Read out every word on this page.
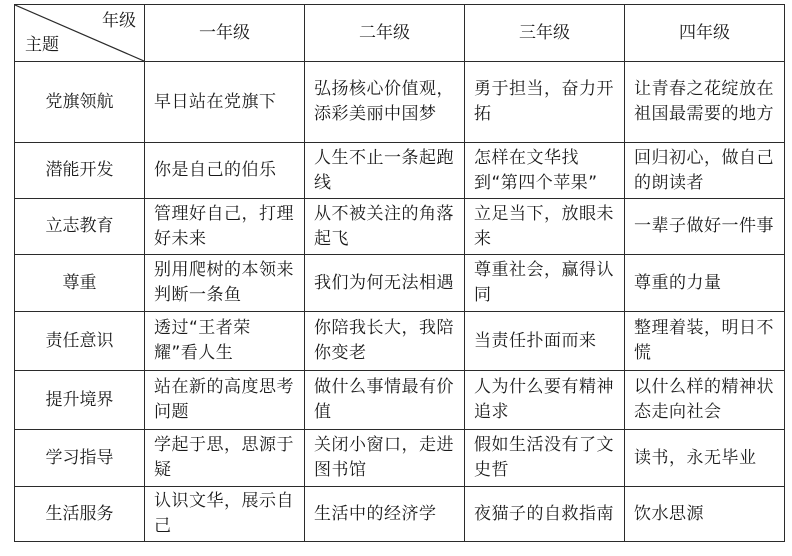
年级
主题	一年级	二年级	三年级	四年级
党旗领航	早日站在党旗下	弘扬核心价值观，添彩美丽中国梦	勇于担当，奋力开拓	让青春之花绽放在祖国最需要的地方
潜能开发	你是自己的伯乐	人生不止一条起跑线	怎样在文华找到“第四个苹果”	回归初心，做自己的朗读者
立志教育	管理好自己，打理好未来	从不被关注的角落起飞	立足当下，放眼未来	一辈子做好一件事
尊重	别用爬树的本领来判断一条鱼	我们为何无法相遇	尊重社会，赢得认同	尊重的力量
责任意识	透过“王者荣耀”看人生	你陪我长大，我陪你变老	当责任扑面而来	整理着装，明日不慌
提升境界	站在新的高度思考问题	做什么事情最有价值	人为什么要有精神追求	以什么样的精神状态走向社会
学习指导	学起于思，思源于疑	关闭小窗口，走进图书馆	假如生活没有了文史哲	读书，永无毕业
生活服务	认识文华，展示自己	生活中的经济学	夜猫子的自救指南	饮水思源
